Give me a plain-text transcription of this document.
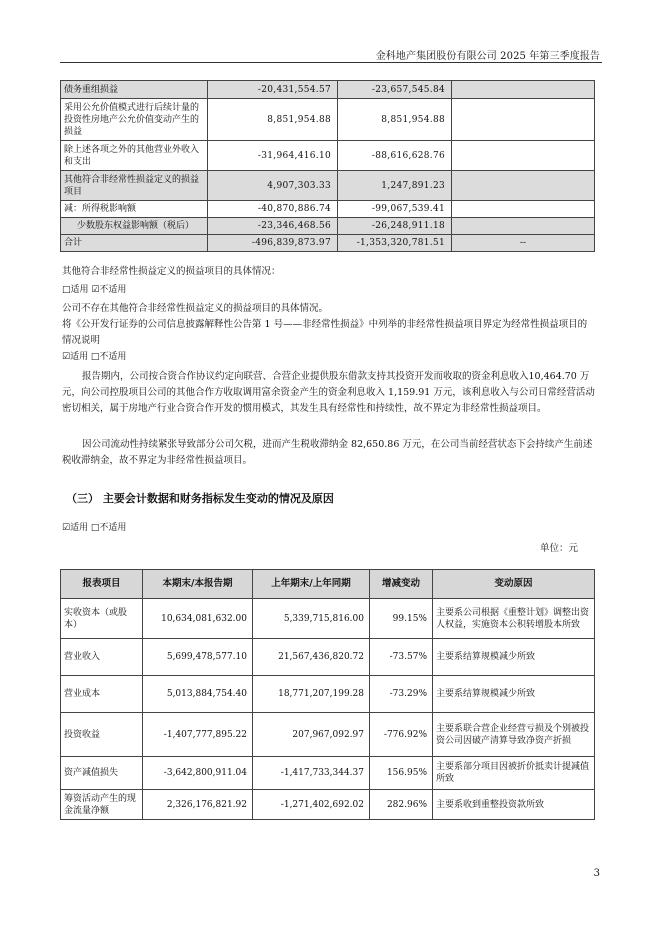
金科地产集团股份有限公司 2025 年第三季度报告
债务重组损益	-20,431,554.57	-23,657,545.84	
采用公允价值模式进行后续计量的投资性房地产公允价值变动产生的损益	8,851,954.88	8,851,954.88	
除上述各项之外的其他营业外收入和支出	-31,964,416.10	-88,616,628.76	
其他符合非经常性损益定义的损益项目	4,907,303.33	1,247,891.23	
减：所得税影响额	-40,870,886.74	-99,067,539.41	
少数股东权益影响额（税后）	-23,346,468.56	-26,248,911.18	
合计	-496,839,873.97	-1,353,320,781.51	--
其他符合非经常性损益定义的损益项目的具体情况：
□适用 ☑不适用
公司不存在其他符合非经常性损益定义的损益项目的具体情况。
将《公开发行证券的公司信息披露解释性公告第 1 号——非经常性损益》中列举的非经常性损益项目界定为经常性损益项目的情况说明
☑适用 □不适用
报告期内，公司按合资合作协议约定向联营、合营企业提供股东借款支持其投资开发而收取的资金利息收入10,464.70 万元，向公司控股项目公司的其他合作方收取调用富余资金产生的资金利息收入 1,159.91 万元，该利息收入与公司日常经营活动密切相关，属于房地产行业合资合作开发的惯用模式，其发生具有经常性和持续性，故不界定为非经常性损益项目。
因公司流动性持续紧张导致部分公司欠税，进而产生税收滞纳金 82,650.86 万元，在公司当前经营状态下会持续产生前述税收滞纳金，故不界定为非经常性损益项目。
（三） 主要会计数据和财务指标发生变动的情况及原因
☑适用 □不适用
单位：元
报表项目	本期末/本报告期	上年期末/上年同期	增减变动	变动原因
实收资本（或股本）	10,634,081,632.00	5,339,715,816.00	99.15%	主要系公司根据《重整计划》调整出资人权益，实施资本公积转增股本所致
营业收入	5,699,478,577.10	21,567,436,820.72	-73.57%	主要系结算规模减少所致
营业成本	5,013,884,754.40	18,771,207,199.28	-73.29%	主要系结算规模减少所致
投资收益	-1,407,777,895.22	207,967,092.97	-776.92%	主要系联合营企业经营亏损及个别被投资公司因破产清算导致净资产折损
资产减值损失	-3,642,800,911.04	-1,417,733,344.37	156.95%	主要系部分项目因被折价抵卖计提减值所致
筹资活动产生的现金流量净额	2,326,176,821.92	-1,271,402,692.02	282.96%	主要系收到重整投资款所致
3
